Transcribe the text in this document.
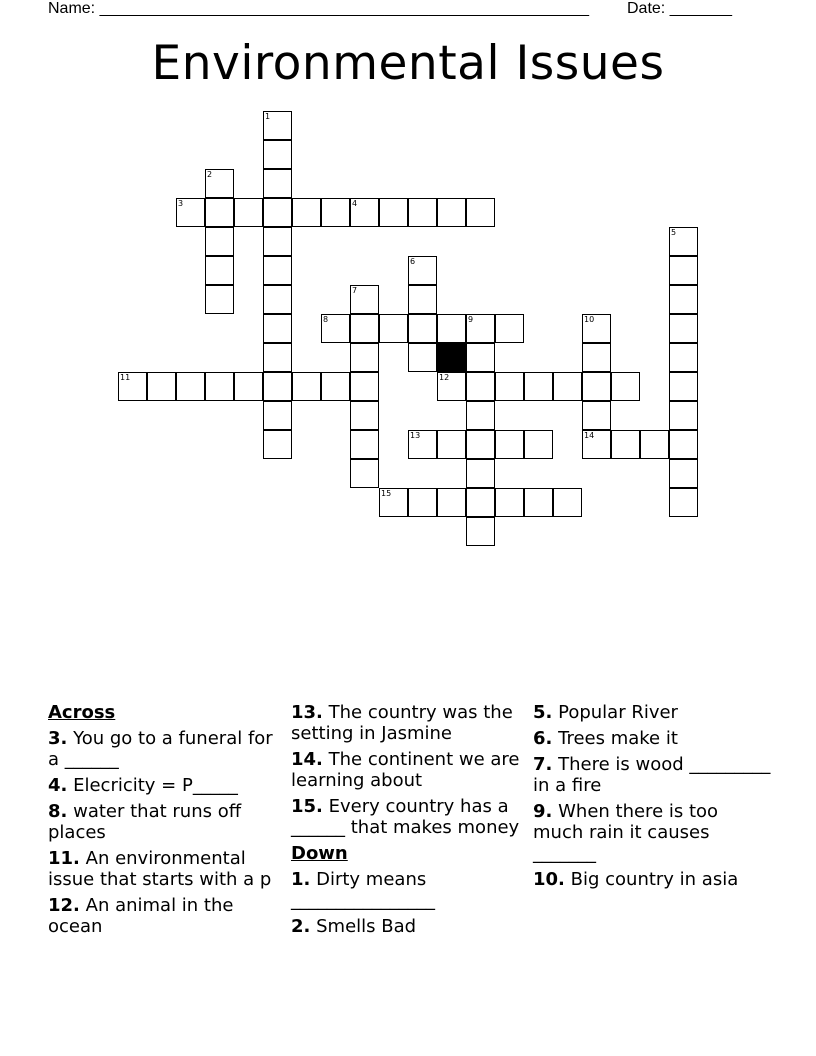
Name: _______________________________________________________ Date: _______
Environmental Issues
1
2
5
6
7
9	10
14
3	4
8
11	12
13
15
Across
3. You go to a funeral for a ______
4. Elecricity = P_____
8. water that runs off places
11. An environmental issue that starts with a p
12. An animal in the ocean
13. The country was the setting in Jasmine
14. The continent we are learning about
15. Every country has a ______ that makes money
Down
1. Dirty means ________________
2. Smells Bad
5. Popular River
6. Trees make it
7. There is wood _________ in a fire
9. When there is too much rain it causes _______
10. Big country in asia
